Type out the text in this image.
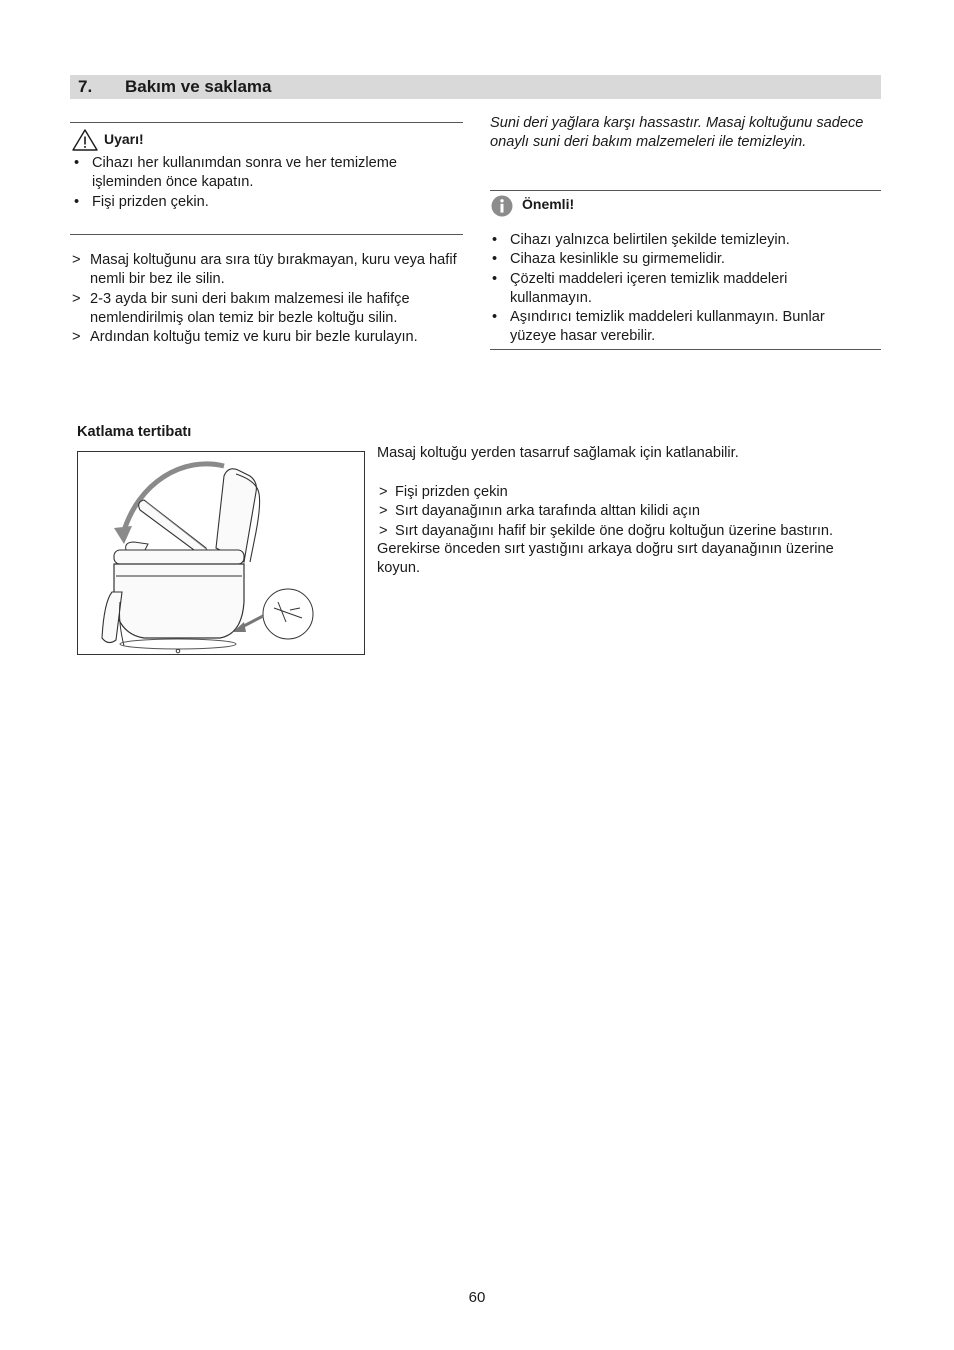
7. Bakım ve saklama
Uyarı!
• Cihazı her kullanımdan sonra ve her temizleme işleminden önce kapatın.
• Fişi prizden çekin.
> Masaj koltuğunu ara sıra tüy bırakmayan, kuru veya hafif nemli bir bez ile silin.
> 2-3 ayda bir suni deri bakım malzemesi ile hafifçe nemlendirilmiş olan temiz bir bezle koltuğu silin.
> Ardından koltuğu temiz ve kuru bir bezle kurulayın.
Suni deri yağlara karşı hassastır. Masaj koltuğunu sadece onaylı suni deri bakım malzemeleri ile temizleyin.
Önemli!
• Cihazı yalnızca belirtilen şekilde temizleyin.
• Cihaza kesinlikle su girmemelidir.
• Çözelti maddeleri içeren temizlik maddeleri kullanmayın.
• Aşındırıcı temizlik maddeleri kullanmayın. Bunlar yüzeye hasar verebilir.
Katlama tertibatı
Masaj koltuğu yerden tasarruf sağlamak için katlanabilir.
> Fişi prizden çekin
> Sırt dayanağının arka tarafında alttan kilidi açın
> Sırt dayanağını hafif bir şekilde öne doğru koltuğun üzerine bastırın.
Gerekirse önceden sırt yastığını arkaya doğru sırt dayanağının üzerine koyun.
60
